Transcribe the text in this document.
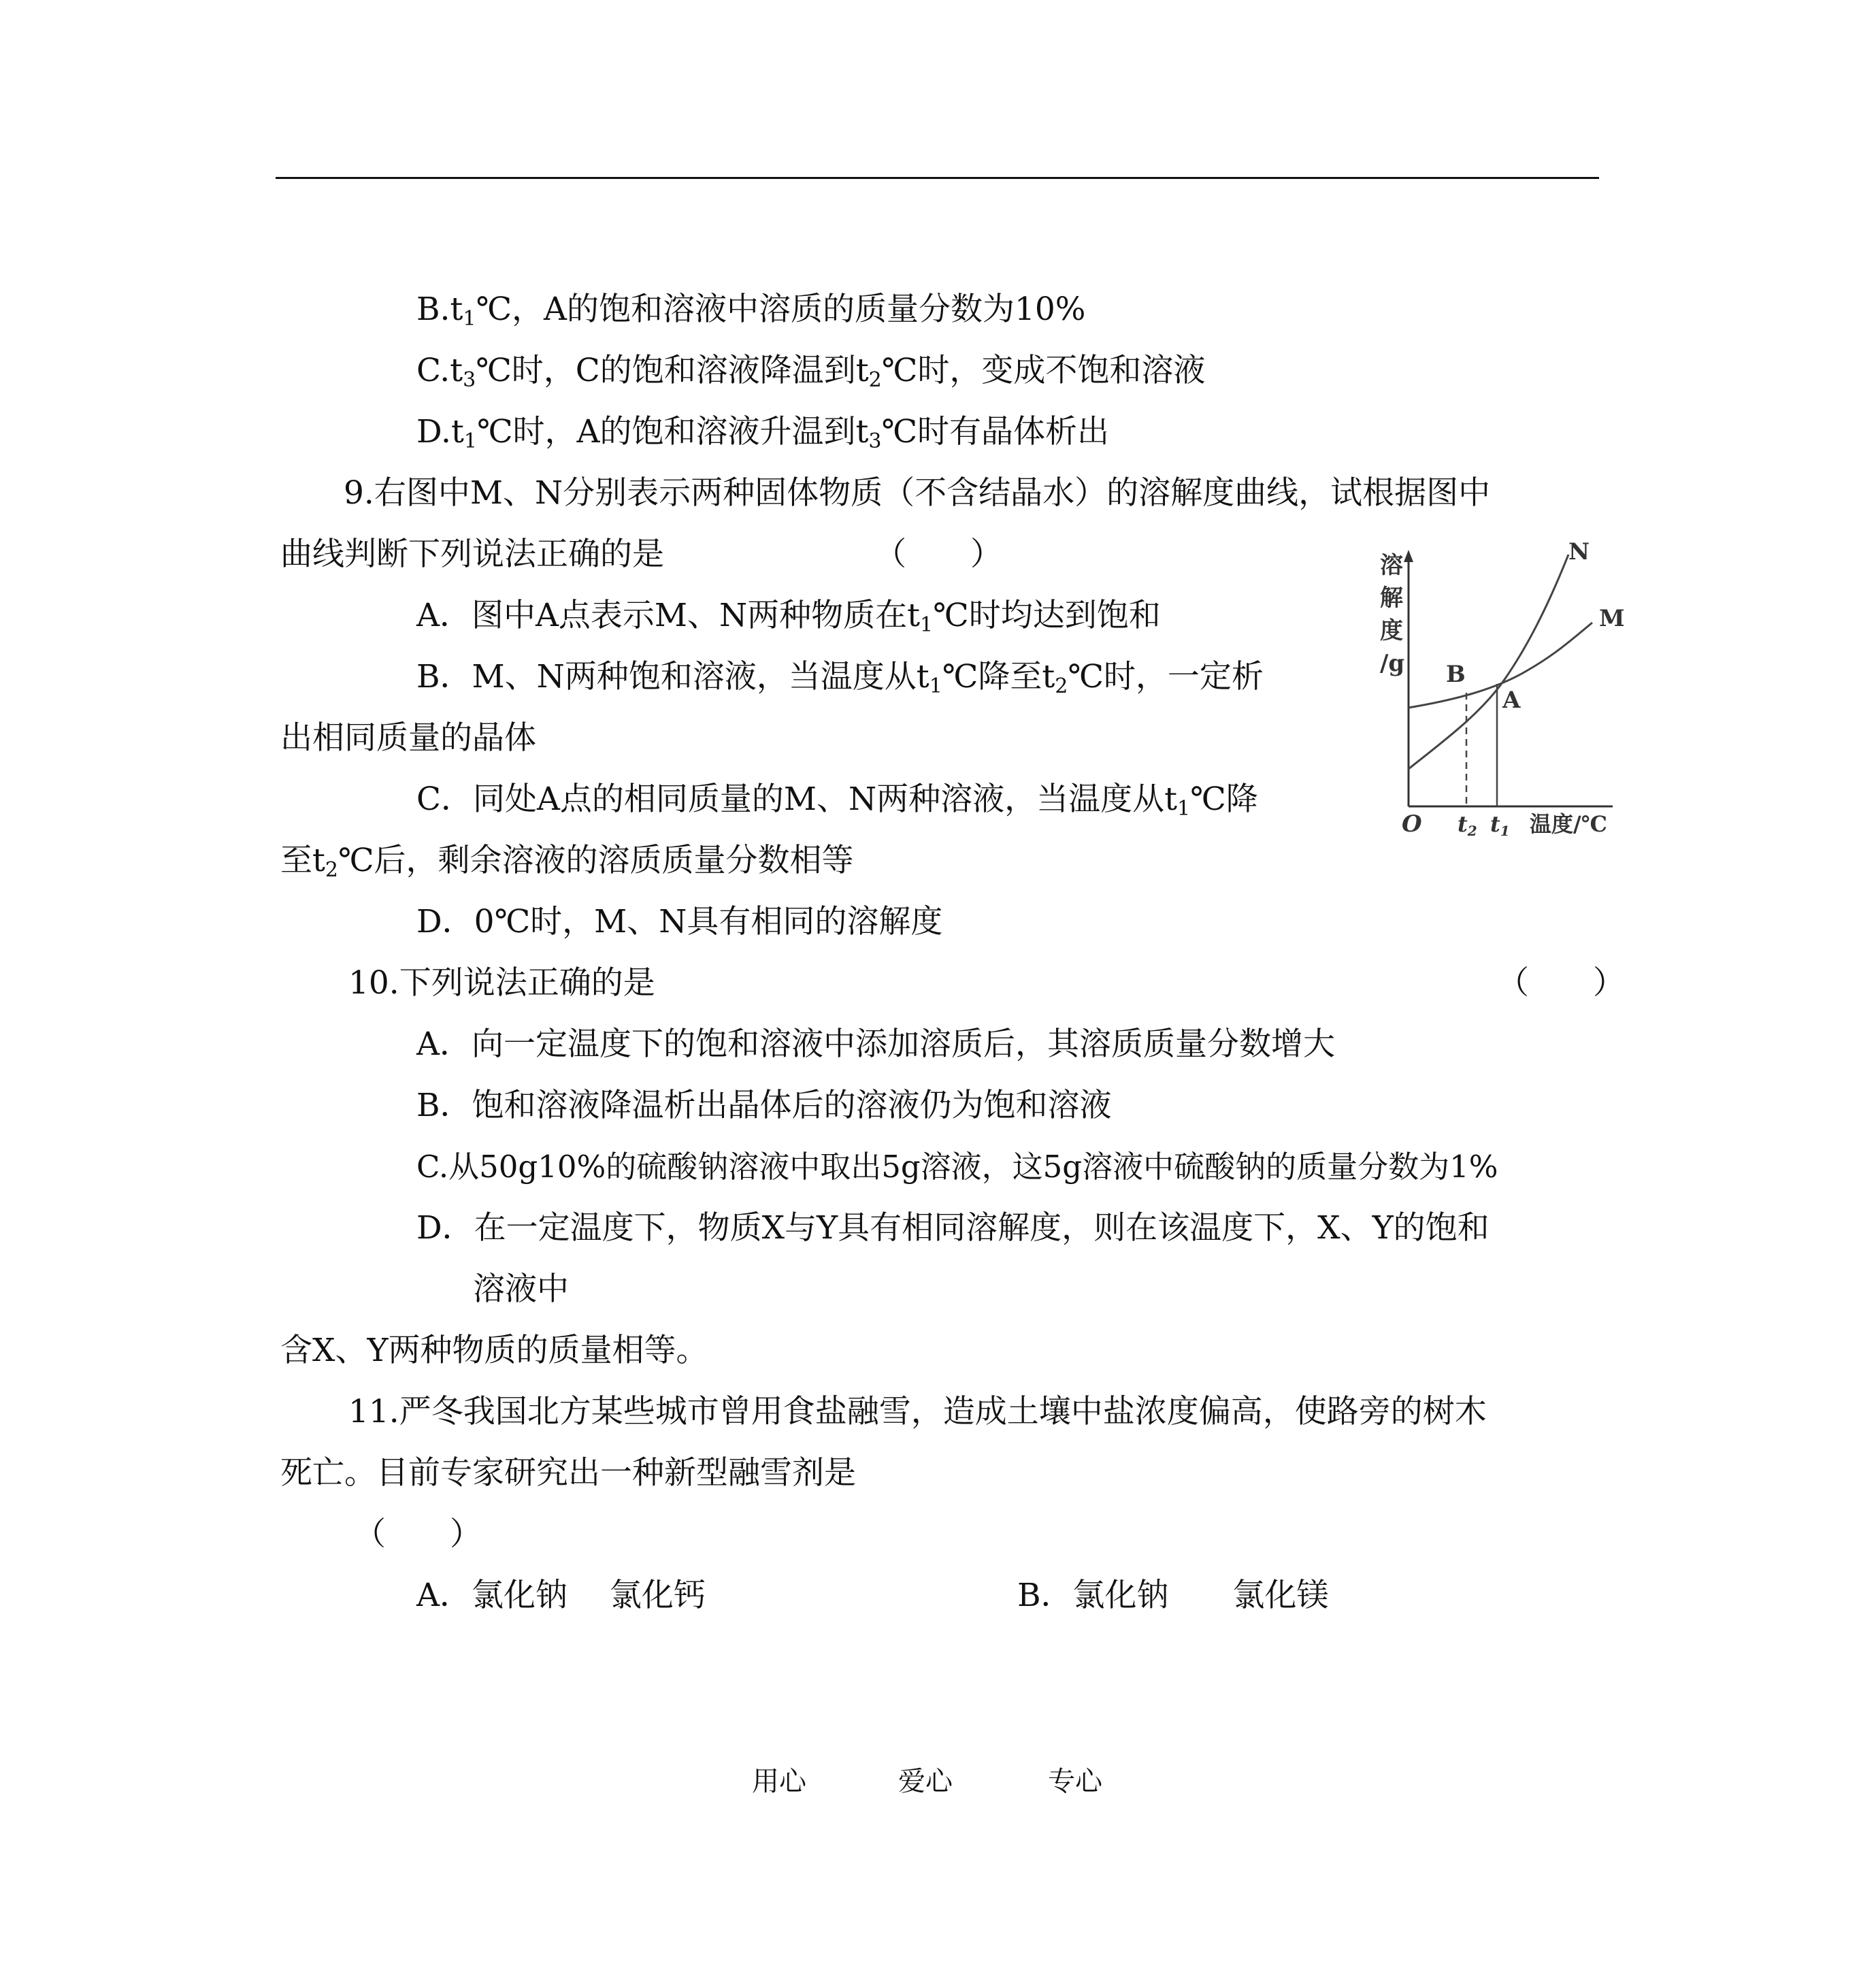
$B.t_1℃$，A的饱和溶液中溶质的质量分数为10%
$C.t_3℃$时，C的饱和溶液降温到$t_2℃$时，变成不饱和溶液
$D.t_1℃$时，A的饱和溶液升温到$t_3℃$时有晶体析出
9.右图中M、N分别表示两种固体物质（不含结晶水）的溶解度曲线，试根据图中
曲线判断下列说法正确的是	（　　）
A．图中A点表示M、N两种物质在$t_1℃$时均达到饱和
B．M、N两种饱和溶液，当温度从$t_1℃$降至$t_2℃$时，一定析
出相同质量的晶体
C．同处A点的相同质量的M、N两种溶液，当温度从$t_1℃$降
至$t_2℃$后，剩余溶液的溶质质量分数相等
D．0℃时，M、N具有相同的溶解度
溶
解
度
/g
N
M
B
A
O t2 t1 温度/℃
10.下列说法正确的是	（　　）
A．向一定温度下的饱和溶液中添加溶质后，其溶质质量分数增大
B．饱和溶液降温析出晶体后的溶液仍为饱和溶液
C.从50g10%的硫酸钠溶液中取出5g溶液，这5g溶液中硫酸钠的质量分数为1%
D．在一定温度下，物质X与Y具有相同溶解度，则在该温度下，X、Y的饱和
溶液中
含X、Y两种物质的质量相等。
11.严冬我国北方某些城市曾用食盐融雪，造成土壤中盐浓度偏高，使路旁的树木
死亡。目前专家研究出一种新型融雪剂是
（　　）
A．氯化钠　 氯化钙	B．氯化钠　　氯化镁
用心	爱心	专心
